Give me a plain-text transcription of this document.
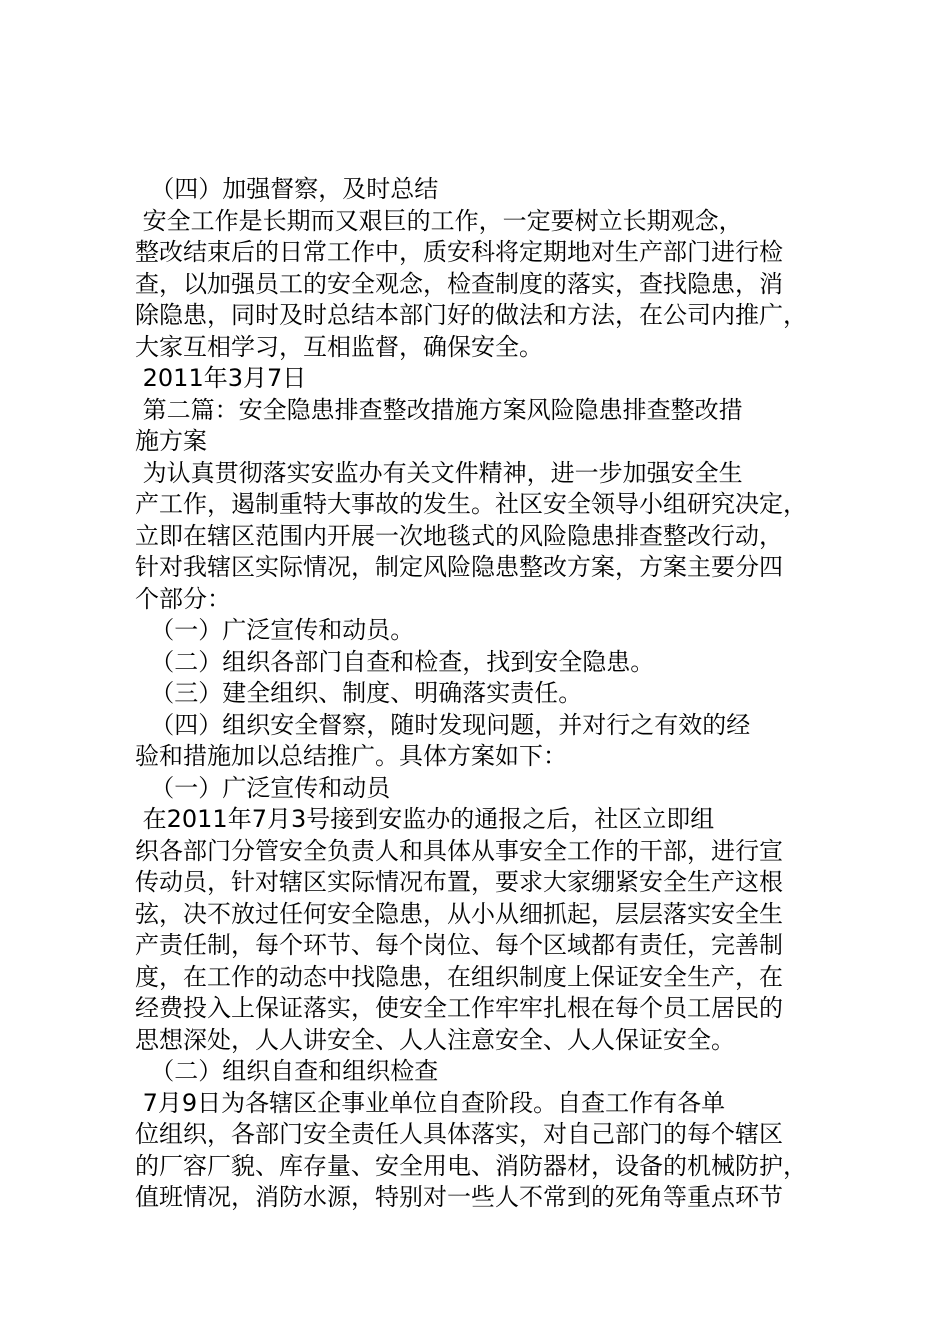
（四）加强督察，及时总结
安全工作是长期而又艰巨的工作，一定要树立长期观念，
整改结束后的日常工作中，质安科将定期地对生产部门进行检
查，以加强员工的安全观念，检查制度的落实，查找隐患，消
除隐患，同时及时总结本部门好的做法和方法，在公司内推广，
大家互相学习，互相监督，确保安全。
2011年3月7日
第二篇：安全隐患排查整改措施方案风险隐患排查整改措
施方案
为认真贯彻落实安监办有关文件精神，进一步加强安全生
产工作，遏制重特大事故的发生。社区安全领导小组研究决定，
立即在辖区范围内开展一次地毯式的风险隐患排查整改行动，
针对我辖区实际情况，制定风险隐患整改方案，方案主要分四
个部分：
（一）广泛宣传和动员。
（二）组织各部门自查和检查，找到安全隐患。
（三）建全组织、制度、明确落实责任。
（四）组织安全督察，随时发现问题，并对行之有效的经
验和措施加以总结推广。具体方案如下：
（一）广泛宣传和动员
在2011年7月3号接到安监办的通报之后，社区立即组
织各部门分管安全负责人和具体从事安全工作的干部，进行宣
传动员，针对辖区实际情况布置，要求大家绷紧安全生产这根
弦，决不放过任何安全隐患，从小从细抓起，层层落实安全生
产责任制，每个环节、每个岗位、每个区域都有责任，完善制
度，在工作的动态中找隐患，在组织制度上保证安全生产，在
经费投入上保证落实，使安全工作牢牢扎根在每个员工居民的
思想深处，人人讲安全、人人注意安全、人人保证安全。
（二）组织自查和组织检查
7月9日为各辖区企事业单位自查阶段。自查工作有各单
位组织，各部门安全责任人具体落实，对自己部门的每个辖区
的厂容厂貌、库存量、安全用电、消防器材，设备的机械防护，
值班情况，消防水源，特别对一些人不常到的死角等重点环节
